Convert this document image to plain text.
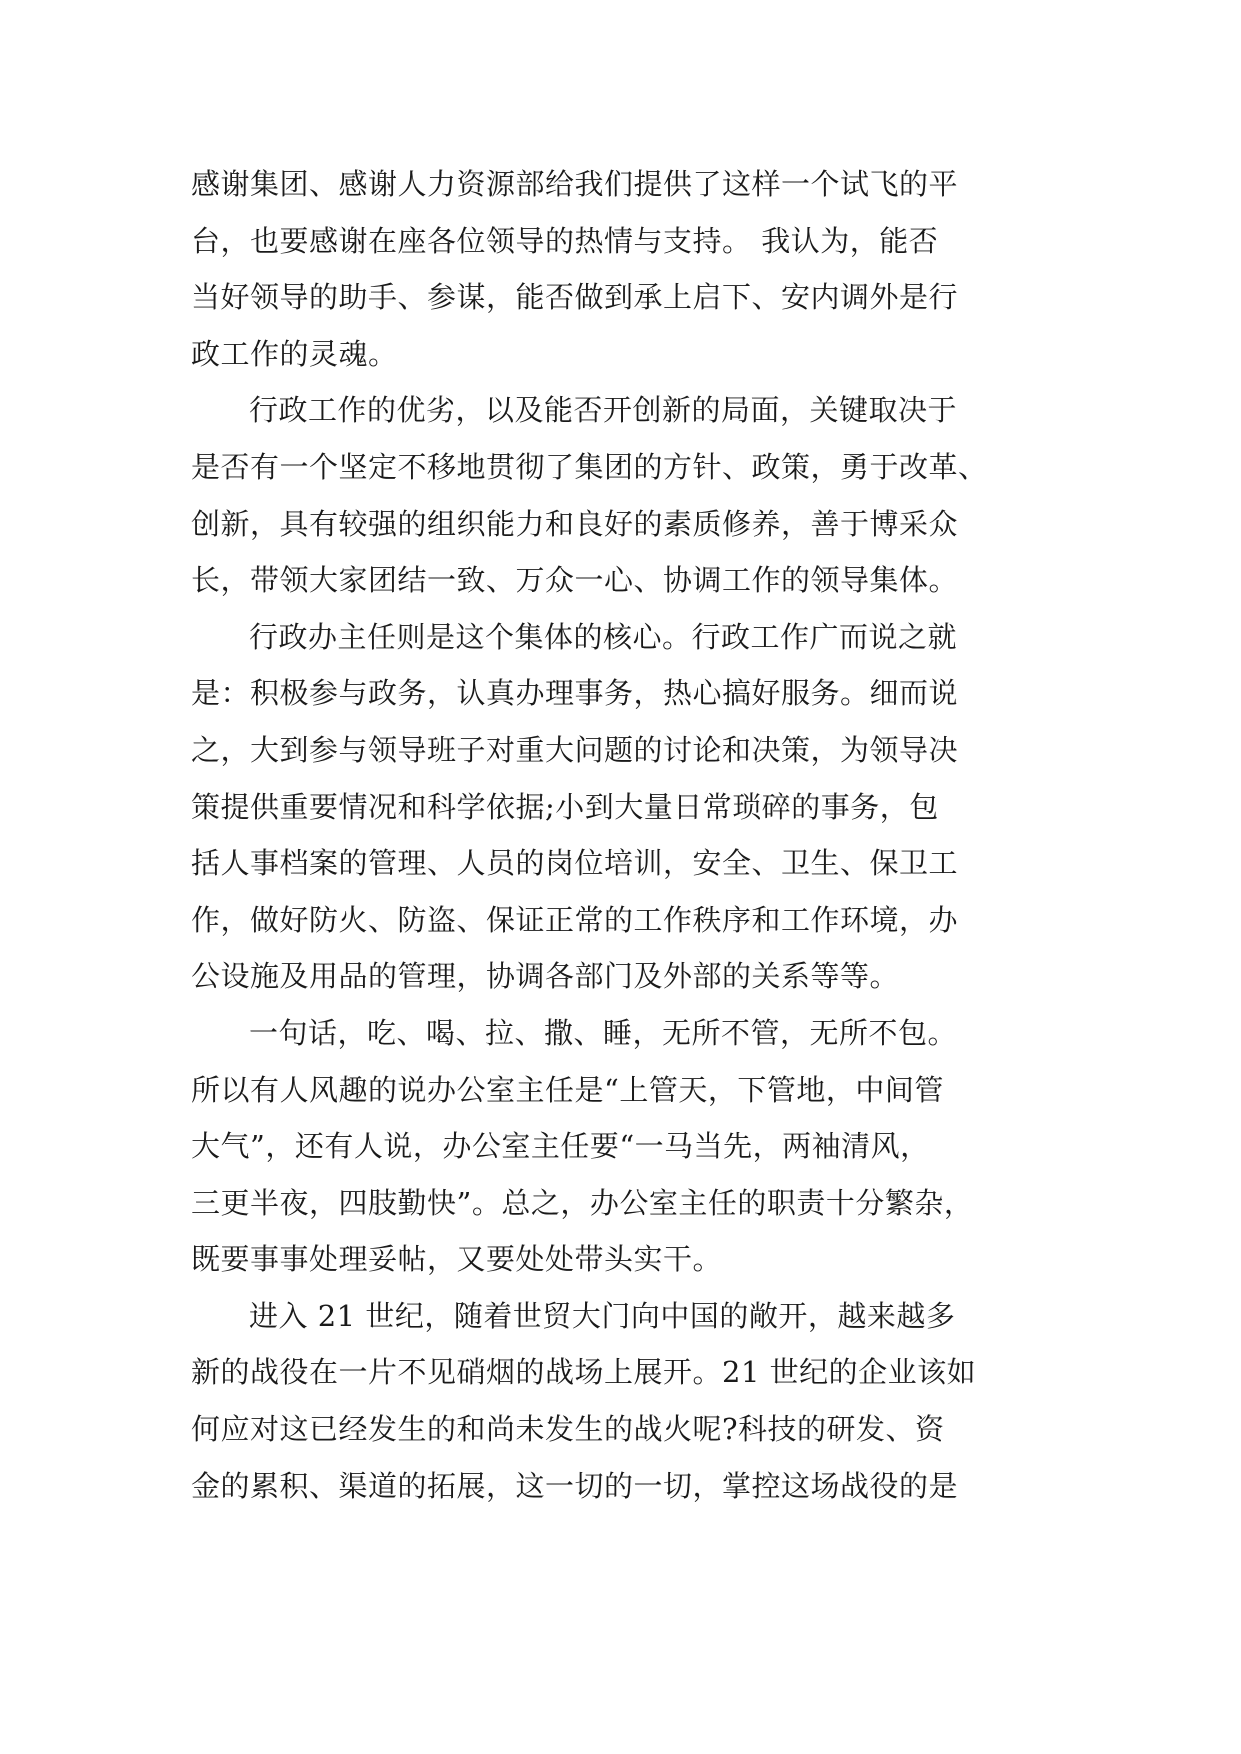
感谢集团、感谢人力资源部给我们提供了这样一个试飞的平
台，也要感谢在座各位领导的热情与支持。 我认为，能否
当好领导的助手、参谋，能否做到承上启下、安内调外是行
政工作的灵魂。
行政工作的优劣，以及能否开创新的局面，关键取决于
是否有一个坚定不移地贯彻了集团的方针、政策，勇于改革、
创新，具有较强的组织能力和良好的素质修养，善于博采众
长，带领大家团结一致、万众一心、协调工作的领导集体。
行政办主任则是这个集体的核心。行政工作广而说之就
是：积极参与政务，认真办理事务，热心搞好服务。细而说
之，大到参与领导班子对重大问题的讨论和决策，为领导决
策提供重要情况和科学依据;小到大量日常琐碎的事务，包
括人事档案的管理、人员的岗位培训，安全、卫生、保卫工
作，做好防火、防盗、保证正常的工作秩序和工作环境，办
公设施及用品的管理，协调各部门及外部的关系等等。
一句话，吃、喝、拉、撒、睡，无所不管，无所不包。
所以有人风趣的说办公室主任是“上管天，下管地，中间管
大气”，还有人说，办公室主任要“一马当先，两袖清风，
三更半夜，四肢勤快”。总之，办公室主任的职责十分繁杂，
既要事事处理妥帖，又要处处带头实干。
进入 21 世纪，随着世贸大门向中国的敞开，越来越多
新的战役在一片不见硝烟的战场上展开。21 世纪的企业该如
何应对这已经发生的和尚未发生的战火呢?科技的研发、资
金的累积、渠道的拓展，这一切的一切，掌控这场战役的是
